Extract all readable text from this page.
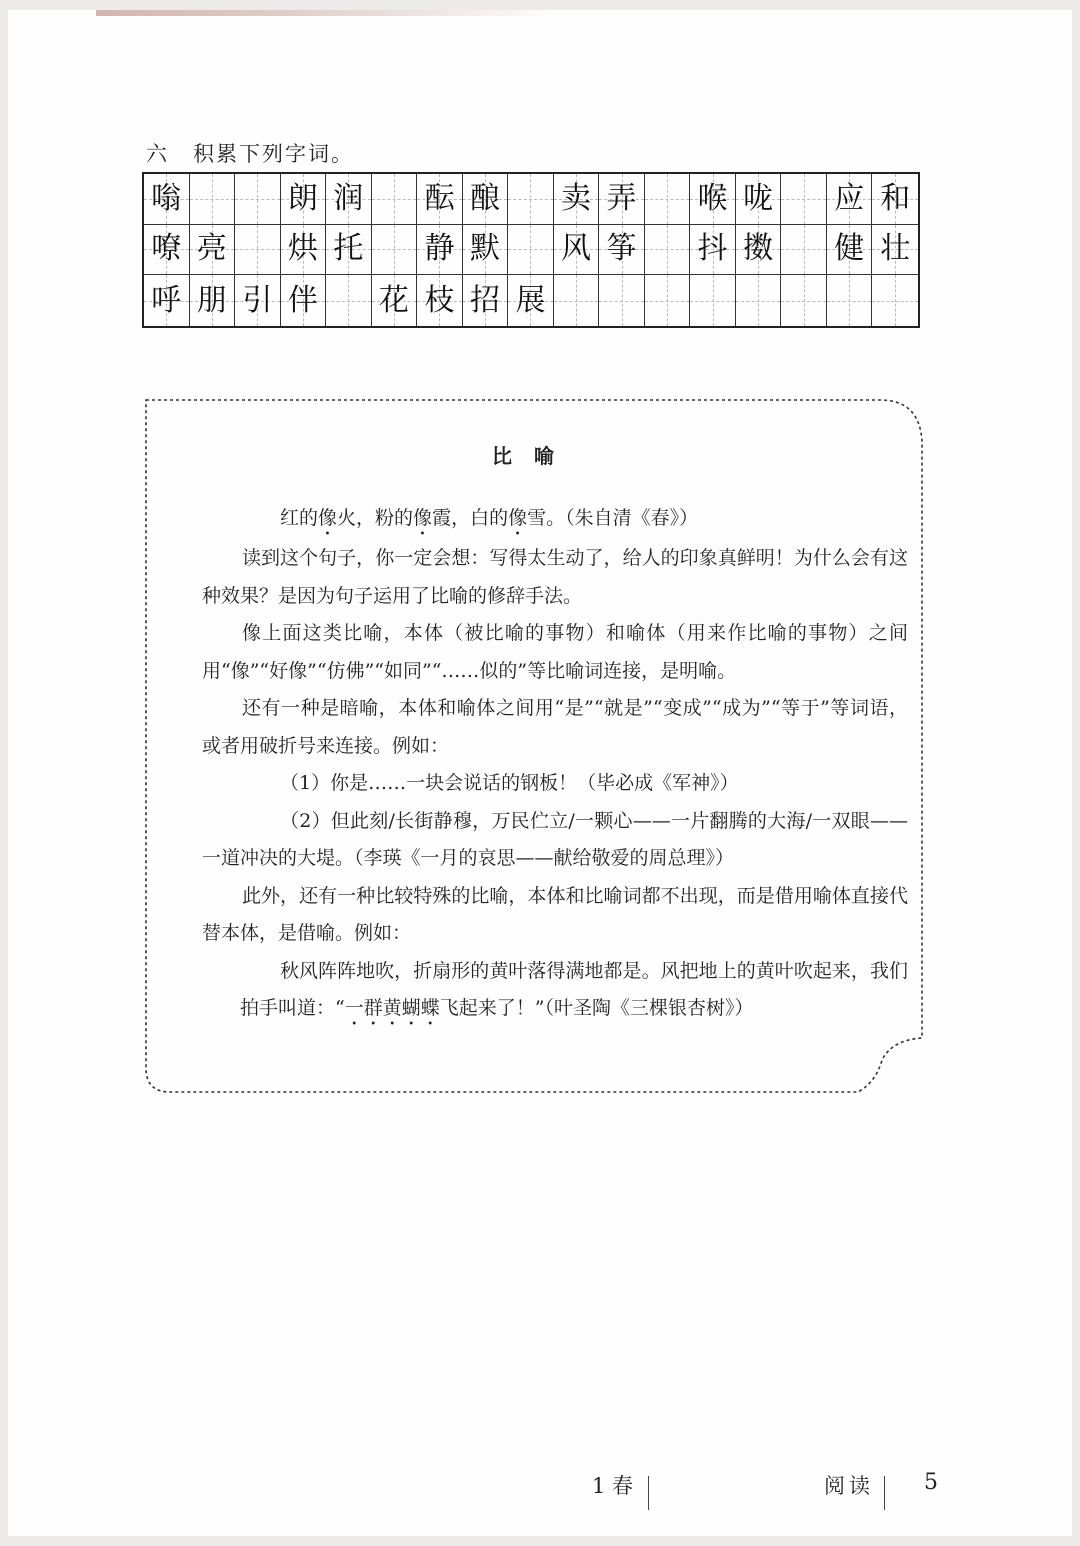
六 积累下列字词。
嗡	朗 润 酝 酿 卖 弄 喉 咙 应 和
嘹 亮 烘 托 静 默 风 筝 抖 擞 健 壮
呼 朋 引 伴 花 枝 招 展
比喻

红的像火，粉的像霞，白的像雪。（朱自清《春》）

读到这个句子，你一定会想：写得太生动了，给人的印象真鲜明！为什么会有这种效果？是因为句子运用了比喻的修辞手法。

像上面这类比喻，本体（被比喻的事物）和喻体（用来作比喻的事物）之间用“像”“好像”“仿佛”“如同”“……似的”等比喻词连接，是明喻。

还有一种是暗喻，本体和喻体之间用“是”“就是”“变成”“成为”“等于”等词语，或者用破折号来连接。例如：

（1）你是……一块会说话的钢板！（毕必成《军神》）

（2）但此刻/长街静穆，万民伫立/一颗心——一片翻腾的大海/一双眼——一道冲决的大堤。（李瑛《一月的哀思——献给敬爱的周总理》）

此外，还有一种比较特殊的比喻，本体和比喻词都不出现，而是借用喻体直接代替本体，是借喻。例如：

秋风阵阵地吹，折扇形的黄叶落得满地都是。风把地上的黄叶吹起来，我们拍手叫道：“一群黄蝴蝶飞起来了！”（叶圣陶《三棵银杏树》）

1 春	阅读 5
